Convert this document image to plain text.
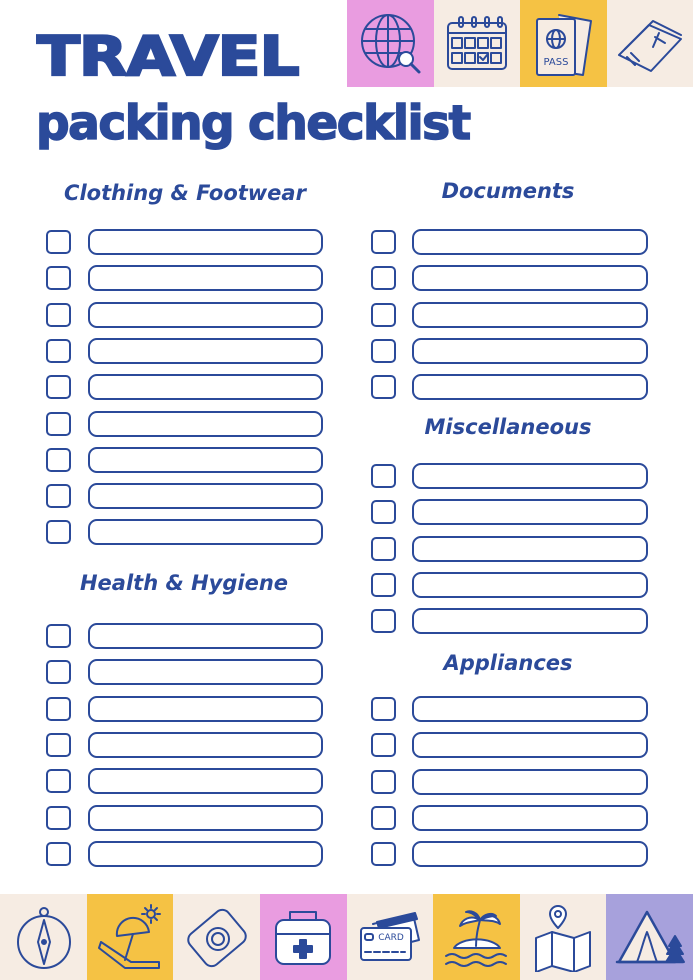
TRAVEL
packing checklist
PASS
CARD
Clothing & Footwear
Health & Hygiene
Documents
Miscellaneous
Appliances
